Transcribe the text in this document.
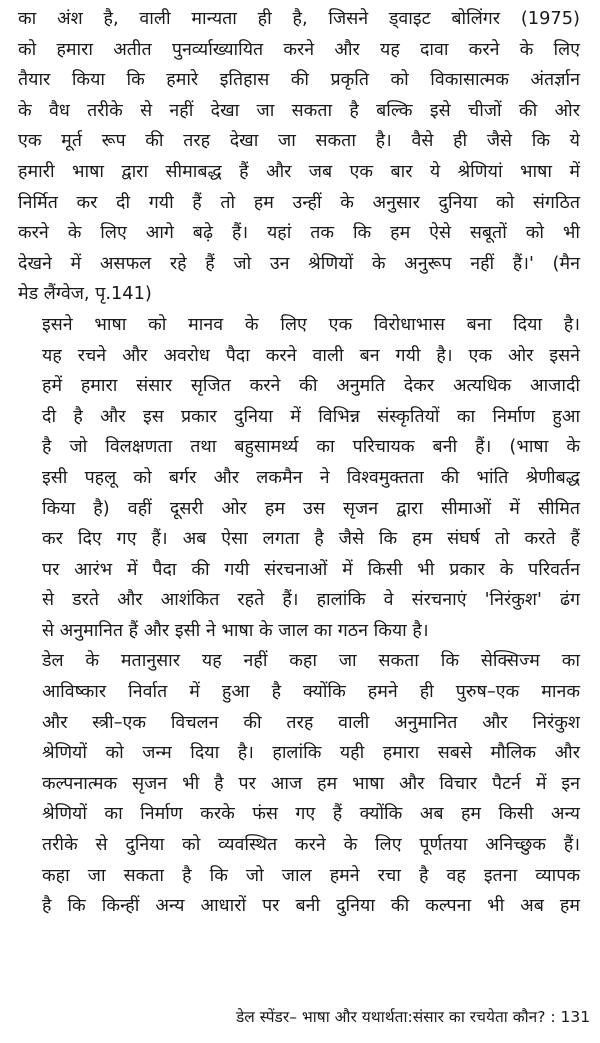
का अंश है, वाली मान्यता ही है, जिसने ड्वाइट बोलिंगर (1975)
को हमारा अतीत पुनर्व्याख्यायित करने और यह दावा करने के लिए
तैयार किया कि हमारे इतिहास की प्रकृति को विकासात्मक अंतर्ज्ञान
के वैध तरीके से नहीं देखा जा सकता है बल्कि इसे चीजों की ओर
एक मूर्त रूप की तरह देखा जा सकता है। वैसे ही जैसे कि ये
हमारी भाषा द्वारा सीमाबद्ध हैं और जब एक बार ये श्रेणियां भाषा में
निर्मित कर दी गयी हैं तो हम उन्हीं के अनुसार दुनिया को संगठित
करने के लिए आगे बढ़े हैं। यहां तक कि हम ऐसे सबूतों को भी
देखने में असफल रहे हैं जो उन श्रेणियों के अनुरूप नहीं हैं।' (मैन
मेड लैंग्वेज, पृ.141)
इसने भाषा को मानव के लिए एक विरोधाभास बना दिया है।
यह रचने और अवरोध पैदा करने वाली बन गयी है। एक ओर इसने
हमें हमारा संसार सृजित करने की अनुमति देकर अत्यधिक आजादी
दी है और इस प्रकार दुनिया में विभिन्न संस्कृतियों का निर्माण हुआ
है जो विलक्षणता तथा बहुसामर्थ्य का परिचायक बनी हैं। (भाषा के
इसी पहलू को बर्गर और लकमैन ने विश्वमुक्तता की भांति श्रेणीबद्ध
किया है) वहीं दूसरी ओर हम उस सृजन द्वारा सीमाओं में सीमित
कर दिए गए हैं। अब ऐसा लगता है जैसे कि हम संघर्ष तो करते हैं
पर आरंभ में पैदा की गयी संरचनाओं में किसी भी प्रकार के परिवर्तन
से डरते और आशंकित रहते हैं। हालांकि वे संरचनाएं 'निरंकुश' ढंग
से अनुमानित हैं और इसी ने भाषा के जाल का गठन किया है।
डेल के मतानुसार यह नहीं कहा जा सकता कि सेक्सिज्म का
आविष्कार निर्वात में हुआ है क्योंकि हमने ही पुरुष–एक मानक
और स्त्री–एक विचलन की तरह वाली अनुमानित और निरंकुश
श्रेणियों को जन्म दिया है। हालांकि यही हमारा सबसे मौलिक और
कल्पनात्मक सृजन भी है पर आज हम भाषा और विचार पैटर्न में इन
श्रेणियों का निर्माण करके फंस गए हैं क्योंकि अब हम किसी अन्य
तरीके से दुनिया को व्यवस्थित करने के लिए पूर्णतया अनिच्छुक हैं।
कहा जा सकता है कि जो जाल हमने रचा है वह इतना व्यापक
है कि किन्हीं अन्य आधारों पर बनी दुनिया की कल्पना भी अब हम
डेल स्पेंडर– भाषा और यथार्थता:संसार का रचयेता कौन? : 131
